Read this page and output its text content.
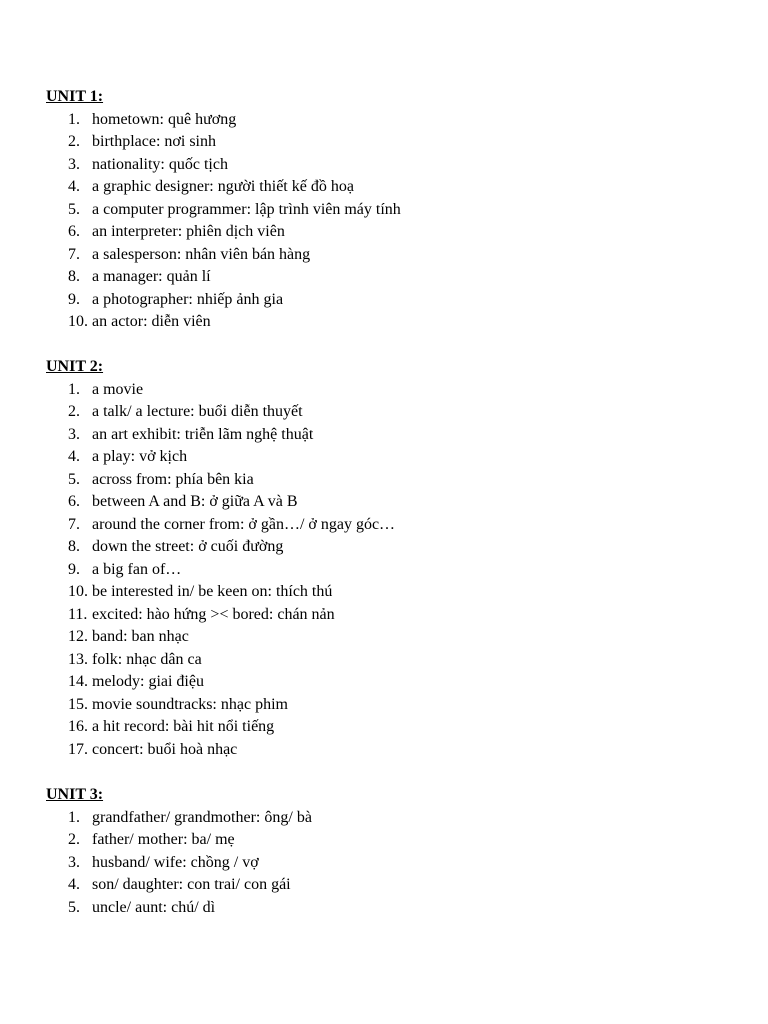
UNIT 1:
1. hometown: quê hương
2. birthplace: nơi sinh
3. nationality: quốc tịch
4. a graphic designer: người thiết kế đồ hoạ
5. a computer programmer: lập trình viên máy tính
6. an interpreter: phiên dịch viên
7. a salesperson: nhân viên bán hàng
8. a manager: quản lí
9. a photographer: nhiếp ảnh gia
10. an actor: diễn viên
UNIT 2:
1. a movie
2. a talk/ a lecture: buổi diễn thuyết
3. an art exhibit: triễn lãm nghệ thuật
4. a play: vở kịch
5. across from: phía bên kia
6. between A and B: ở giữa A và B
7. around the corner from: ở gần…/ ở ngay góc…
8. down the street: ở cuối đường
9. a big fan of…
10. be interested in/ be keen on: thích thú
11. excited: hào hứng >< bored: chán nản
12. band: ban nhạc
13. folk: nhạc dân ca
14. melody: giai điệu
15. movie soundtracks: nhạc phim
16. a hit record: bài hit nổi tiếng
17. concert: buổi hoà nhạc
UNIT 3:
1. grandfather/ grandmother: ông/ bà
2. father/ mother: ba/ mẹ
3. husband/ wife: chồng / vợ
4. son/ daughter: con trai/ con gái
5. uncle/ aunt: chú/ dì
